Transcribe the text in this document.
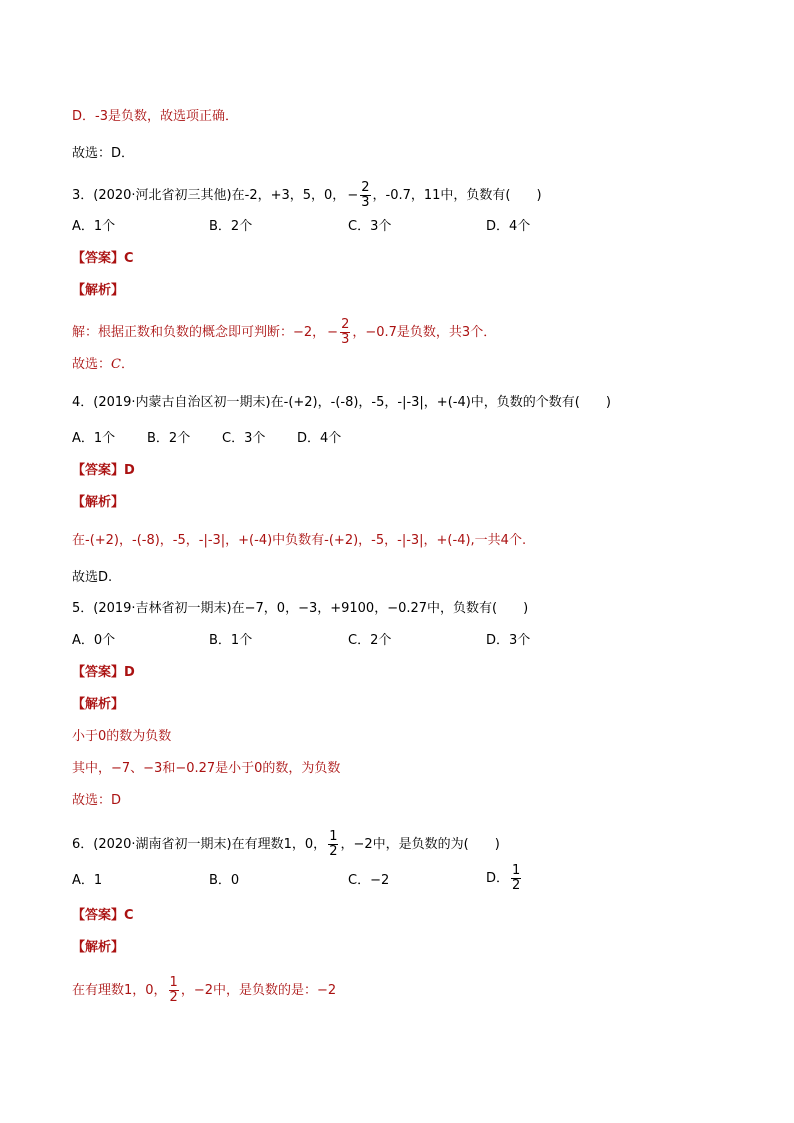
D．-3是负数，故选项正确．
故选：D．
3．(2020·河北省初三其他)在-2，+3，5，0， − $\frac{2}{3}$ ，-0.7，11中，负数有(　　)
A．1个	B．2个	C．3个	D．4个
【答案】C
【解析】
解：根据正数和负数的概念即可判断：−2， − $\frac{2}{3}$ ，−0.7是负数，共3个．
故选：C．
4．(2019·内蒙古自治区初一期末)在-(+2)，-(-8)，-5，-|-3|，+(-4)中，负数的个数有(　　)
A．1个 B．2个 C．3个 D．4个
【答案】D
【解析】
在-(+2)，-(-8)，-5，-|-3|，+(-4)中负数有-(+2)，-5，-|-3|，+(-4),一共4个.
故选D.
5．(2019·吉林省初一期末)在−7，0，−3，+9100，−0.27中，负数有(　　)
A．0个	B．1个	C．2个	D．3个
【答案】D
【解析】
小于0的数为负数
其中，−7、−3和−0.27是小于0的数，为负数
故选：D
6．(2020·湖南省初一期末)在有理数1，0， $\frac{1}{2}$ ，−2中，是负数的为(　　)
A．1	B．0	C．−2	D． $\frac{1}{2}$
【答案】C
【解析】
在有理数1，0， $\frac{1}{2}$ ，−2中，是负数的是：−2
